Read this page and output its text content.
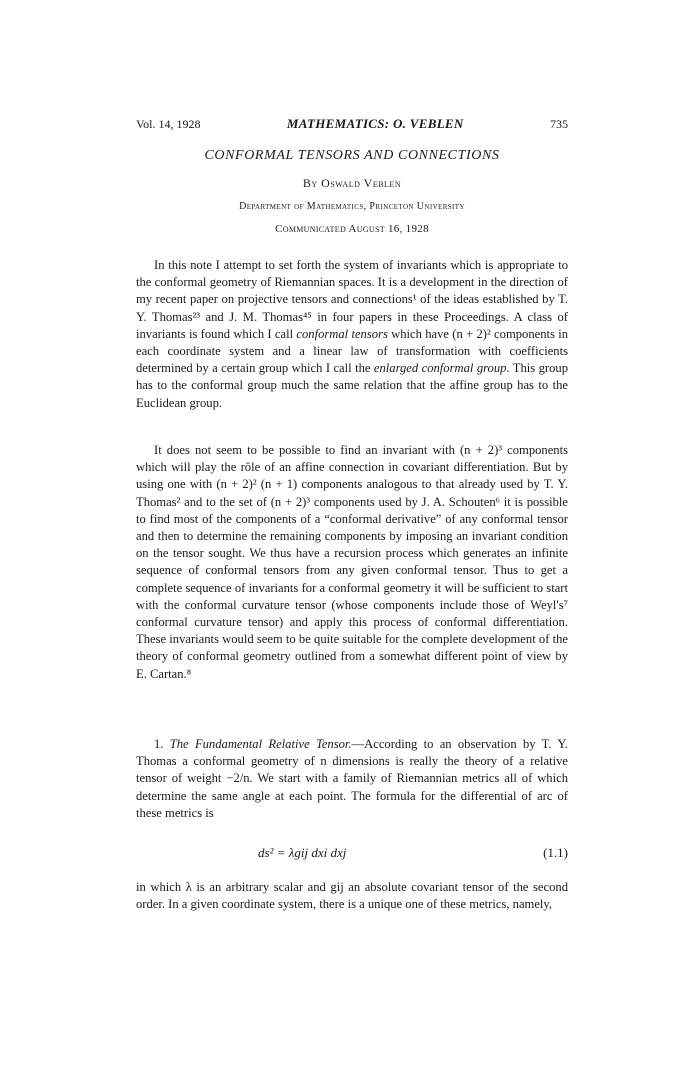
Vol. 14, 1928	MATHEMATICS: O. VEBLEN	735
CONFORMAL TENSORS AND CONNECTIONS
By Oswald Veblen
Department of Mathematics, Princeton University
Communicated August 16, 1928

In this note I attempt to set forth the system of invariants which is appropriate to the conformal geometry of Riemannian spaces. It is a development in the direction of my recent paper on projective tensors and connections¹ of the ideas established by T. Y. Thomas²³ and J. M. Thomas⁴⁵ in four papers in these Proceedings. A class of invariants is found which I call conformal tensors which have (n + 2)² components in each coordinate system and a linear law of transformation with coefficients determined by a certain group which I call the enlarged conformal group. This group has to the conformal group much the same relation that the affine group has to the Euclidean group.

It does not seem to be possible to find an invariant with (n + 2)³ components which will play the rôle of an affine connection in covariant differentiation. But by using one with (n + 2)² (n + 1) components analogous to that already used by T. Y. Thomas² and to the set of (n + 2)³ components used by J. A. Schouten⁶ it is possible to find most of the components of a “conformal derivative” of any conformal tensor and then to determine the remaining components by imposing an invariant condition on the tensor sought. We thus have a recursion process which generates an infinite sequence of conformal tensors from any given conformal tensor. Thus to get a complete sequence of invariants for a conformal geometry it will be sufficient to start with the conformal curvature tensor (whose components include those of Weyl's⁷ conformal curvature tensor) and apply this process of conformal differentiation. These invariants would seem to be quite suitable for the complete development of the theory of conformal geometry outlined from a somewhat different point of view by E. Cartan.⁸

1. The Fundamental Relative Tensor.—According to an observation by T. Y. Thomas a conformal geometry of n dimensions is really the theory of a relative tensor of weight −2/n. We start with a family of Riemannian metrics all of which determine the same angle at each point. The formula for the differential of arc of these metrics is

ds² = λgij dxi dxj	(1.1)

in which λ is an arbitrary scalar and gij an absolute covariant tensor of the second order. In a given coordinate system, there is a unique one of these metrics, namely,
